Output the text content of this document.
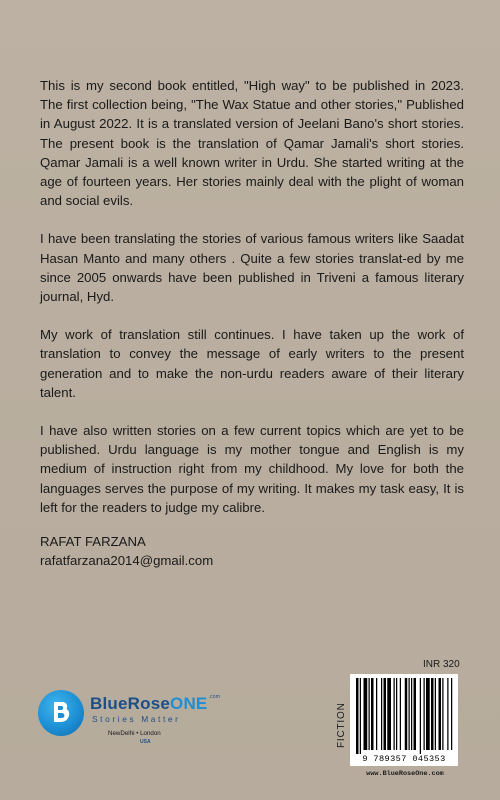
This is my second book entitled, "High way" to be published in 2023. The first collection being, "The Wax Statue and other stories," Published in August 2022. It is a translated version of Jeelani Bano's short stories. The present book is the translation of Qamar Jamali's short stories. Qamar Jamali is a well known writer in Urdu. She started writing at the age of fourteen years. Her stories mainly deal with the plight of woman and social evils.

I have been translating the stories of various famous writers like Saadat Hasan Manto and many others . Quite a few stories translat-ed by me since 2005 onwards have been published in Triveni a famous literary journal, Hyd.

My work of translation still continues. I have taken up the work of translation to convey the message of early writers to the present generation and to make the non-urdu readers aware of their literary talent.

I have also written stories on a few current topics which are yet to be published. Urdu language is my mother tongue and English is my medium of instruction right from my childhood. My love for both the languages serves the purpose of my writing. It makes my task easy, It is left for the readers to judge my calibre.

RAFAT FARZANA
rafatfarzana2014@gmail.com
BlueRoseONE$^{.com}$
Stories Matter
NewDelhi • London
USA
INR 320
FICTION
9 789357 045353
www.BlueRoseOne.com
